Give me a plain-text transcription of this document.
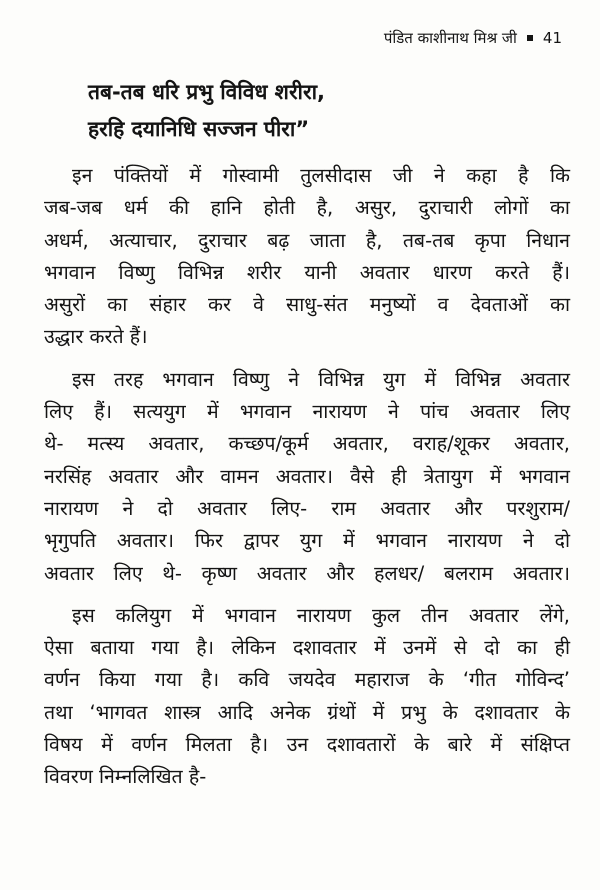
पंडित काशीनाथ मिश्र जी 41
तब-तब धरि प्रभु विविध शरीरा,
हरहि दयानिधि सज्जन पीरा”
इन पंक्तियों में गोस्वामी तुलसीदास जी ने कहा है कि
जब-जब धर्म की हानि होती है, असुर, दुराचारी लोगों का
अधर्म, अत्याचार, दुराचार बढ़ जाता है, तब-तब कृपा निधान
भगवान विष्णु विभिन्न शरीर यानी अवतार धारण करते हैं।
असुरों का संहार कर वे साधु-संत मनुष्यों व देवताओं का
उद्धार करते हैं।
इस तरह भगवान विष्णु ने विभिन्न युग में विभिन्न अवतार
लिए हैं। सत्ययुग में भगवान नारायण ने पांच अवतार लिए
थे- मत्स्य अवतार, कच्छप/कूर्म अवतार, वराह/शूकर अवतार,
नरसिंह अवतार और वामन अवतार। वैसे ही त्रेतायुग में भगवान
नारायण ने दो अवतार लिए- राम अवतार और परशुराम/
भृगुपति अवतार। फिर द्वापर युग में भगवान नारायण ने दो
अवतार लिए थे- कृष्ण अवतार और हलधर/ बलराम अवतार।
इस कलियुग में भगवान नारायण कुल तीन अवतार लेंगे,
ऐसा बताया गया है। लेकिन दशावतार में उनमें से दो का ही
वर्णन किया गया है। कवि जयदेव महाराज के ‘गीत गोविन्द’
तथा ‘भागवत शास्त्र आदि अनेक ग्रंथों में प्रभु के दशावतार के
विषय में वर्णन मिलता है। उन दशावतारों के बारे में संक्षिप्त
विवरण निम्नलिखित है-
